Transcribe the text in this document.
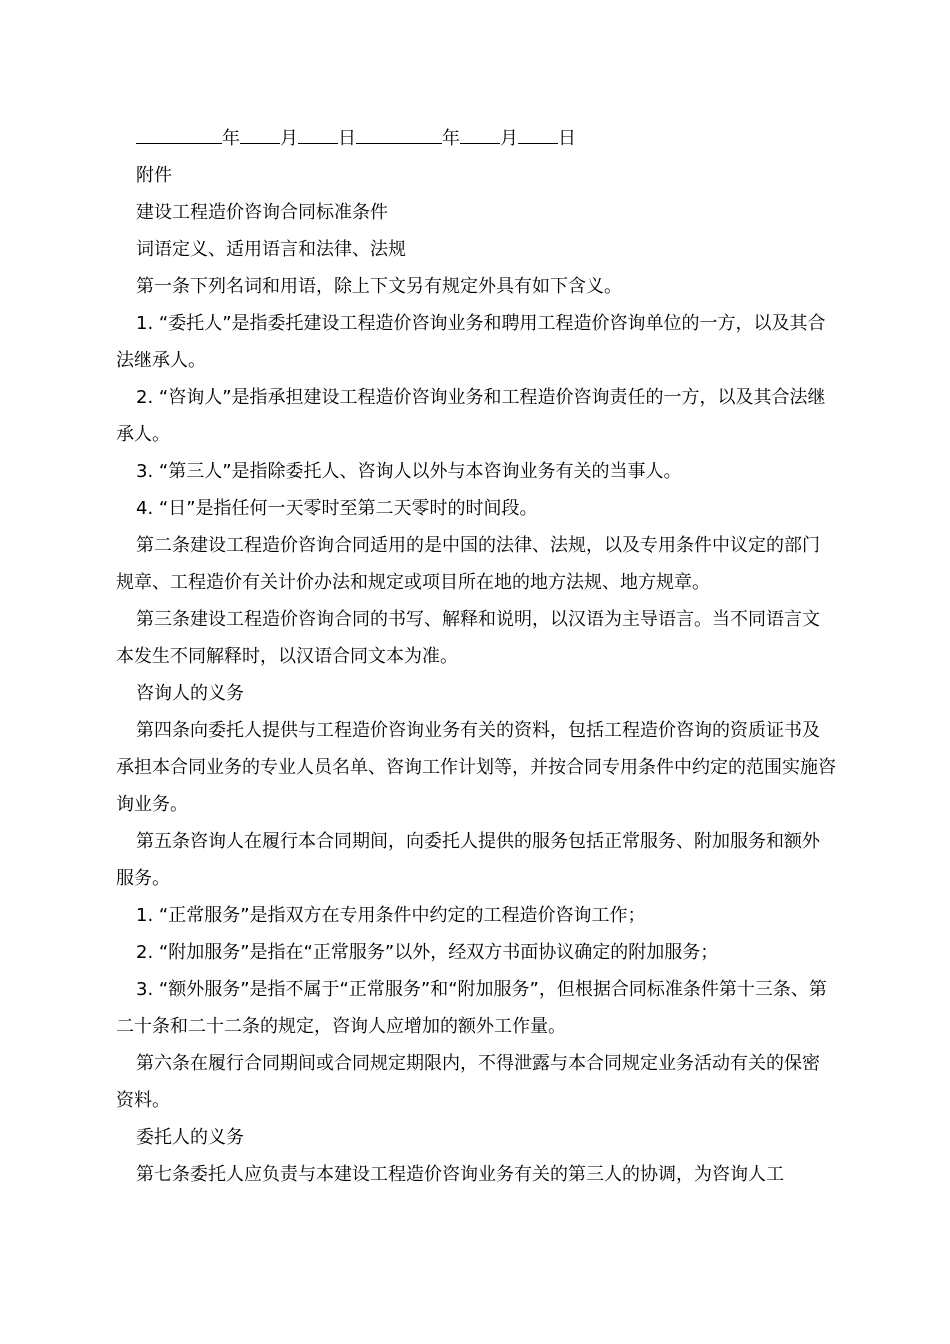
年 月 日	年 月 日

附件

建设工程造价咨询合同标准条件

词语定义、适用语言和法律、法规

第一条下列名词和用语，除上下文另有规定外具有如下含义。

1. “委托人”是指委托建设工程造价咨询业务和聘用工程造价咨询单位的一方，以及其合法继承人。

2. “咨询人”是指承担建设工程造价咨询业务和工程造价咨询责任的一方，以及其合法继承人。

3. “第三人”是指除委托人、咨询人以外与本咨询业务有关的当事人。

4. “日”是指任何一天零时至第二天零时的时间段。

第二条建设工程造价咨询合同适用的是中国的法律、法规，以及专用条件中议定的部门规章、工程造价有关计价办法和规定或项目所在地的地方法规、地方规章。

第三条建设工程造价咨询合同的书写、解释和说明，以汉语为主导语言。当不同语言文本发生不同解释时，以汉语合同文本为准。

咨询人的义务

第四条向委托人提供与工程造价咨询业务有关的资料，包括工程造价咨询的资质证书及承担本合同业务的专业人员名单、咨询工作计划等，并按合同专用条件中约定的范围实施咨询业务。

第五条咨询人在履行本合同期间，向委托人提供的服务包括正常服务、附加服务和额外服务。

1. “正常服务”是指双方在专用条件中约定的工程造价咨询工作；

2. “附加服务”是指在“正常服务”以外，经双方书面协议确定的附加服务；

3. “额外服务”是指不属于“正常服务”和“附加服务”，但根据合同标准条件第十三条、第二十条和二十二条的规定，咨询人应增加的额外工作量。

第六条在履行合同期间或合同规定期限内，不得泄露与本合同规定业务活动有关的保密资料。

委托人的义务

第七条委托人应负责与本建设工程造价咨询业务有关的第三人的协调，为咨询人工
